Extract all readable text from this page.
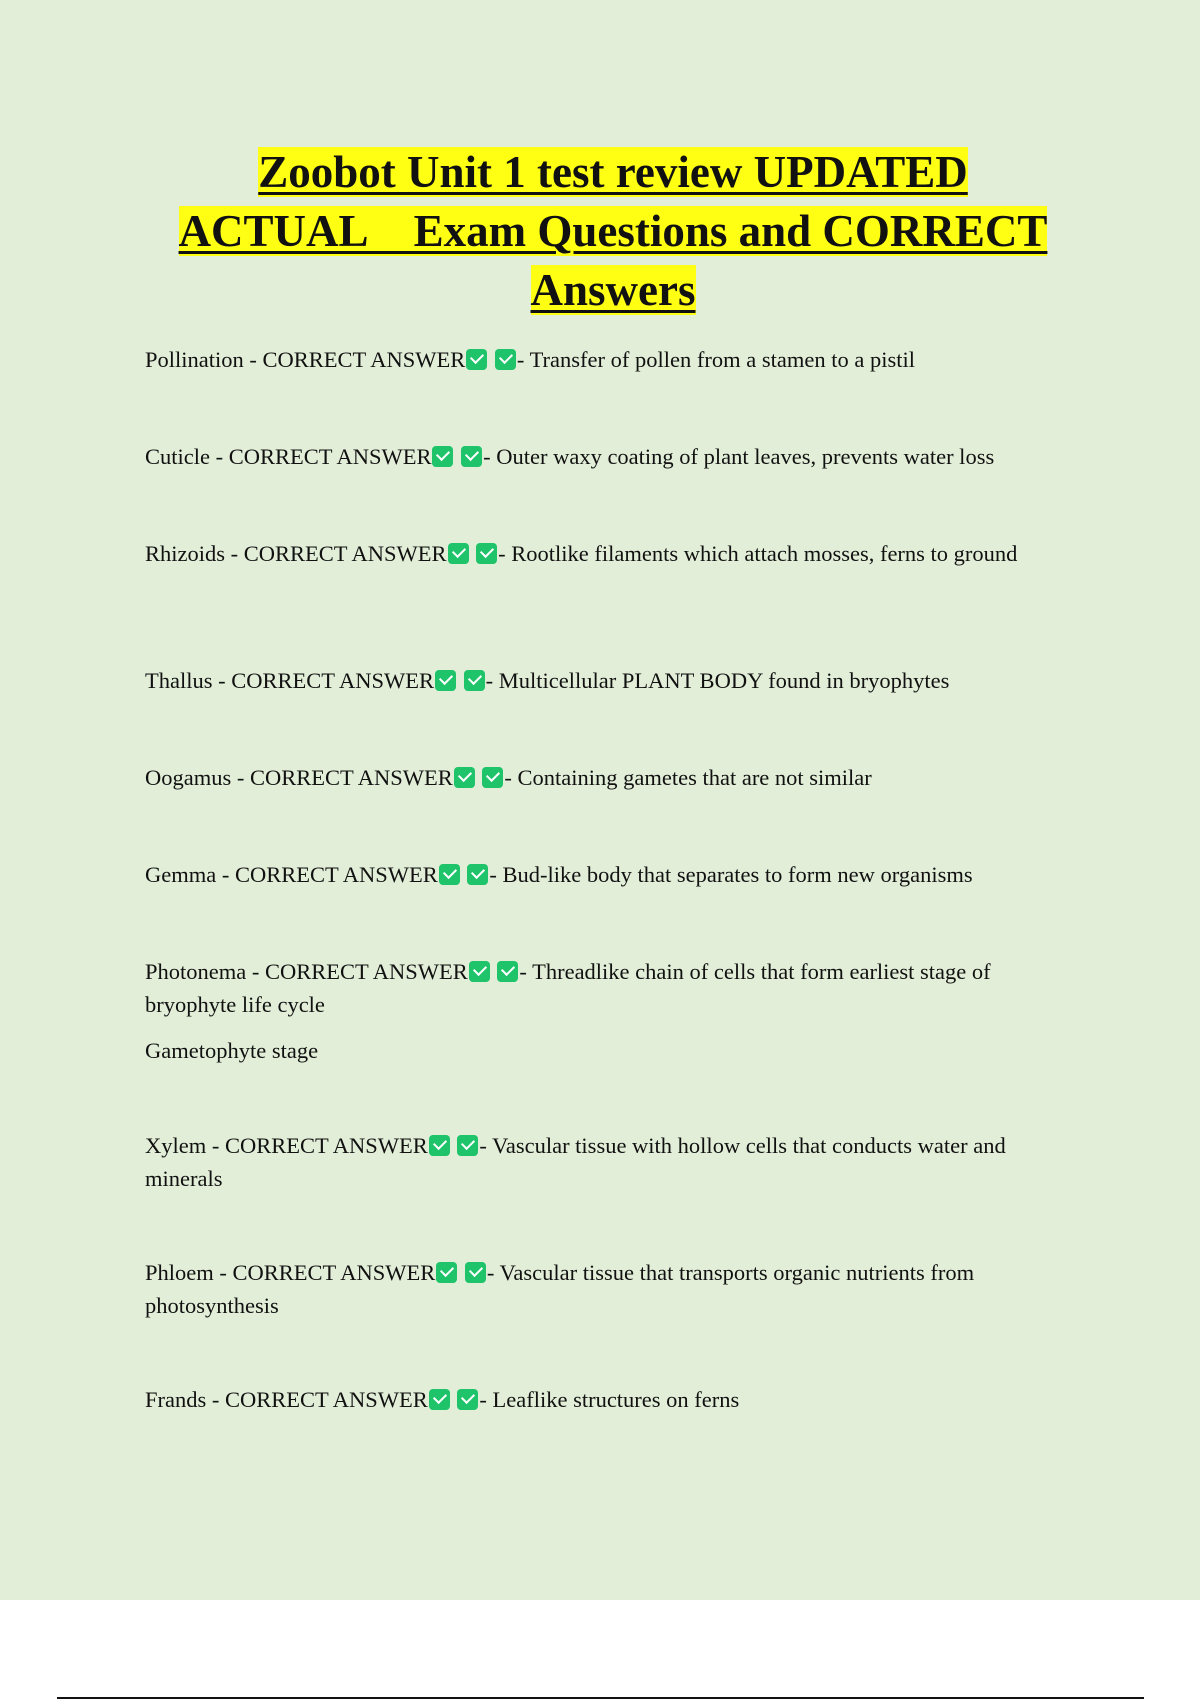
Zoobot Unit 1 test review UPDATED
ACTUAL    Exam Questions and CORRECT
Answers

Pollination - CORRECT ANSWER - Transfer of pollen from a stamen to a pistil

Cuticle - CORRECT ANSWER - Outer waxy coating of plant leaves, prevents water loss

Rhizoids - CORRECT ANSWER - Rootlike filaments which attach mosses, ferns to ground

Thallus - CORRECT ANSWER - Multicellular PLANT BODY found in bryophytes

Oogamus - CORRECT ANSWER - Containing gametes that are not similar

Gemma - CORRECT ANSWER - Bud-like body that separates to form new organisms

Photonema - CORRECT ANSWER - Threadlike chain of cells that form earliest stage of bryophyte life cycle

Gametophyte stage

Xylem - CORRECT ANSWER - Vascular tissue with hollow cells that conducts water and minerals

Phloem - CORRECT ANSWER - Vascular tissue that transports organic nutrients from photosynthesis

Frands - CORRECT ANSWER - Leaflike structures on ferns
